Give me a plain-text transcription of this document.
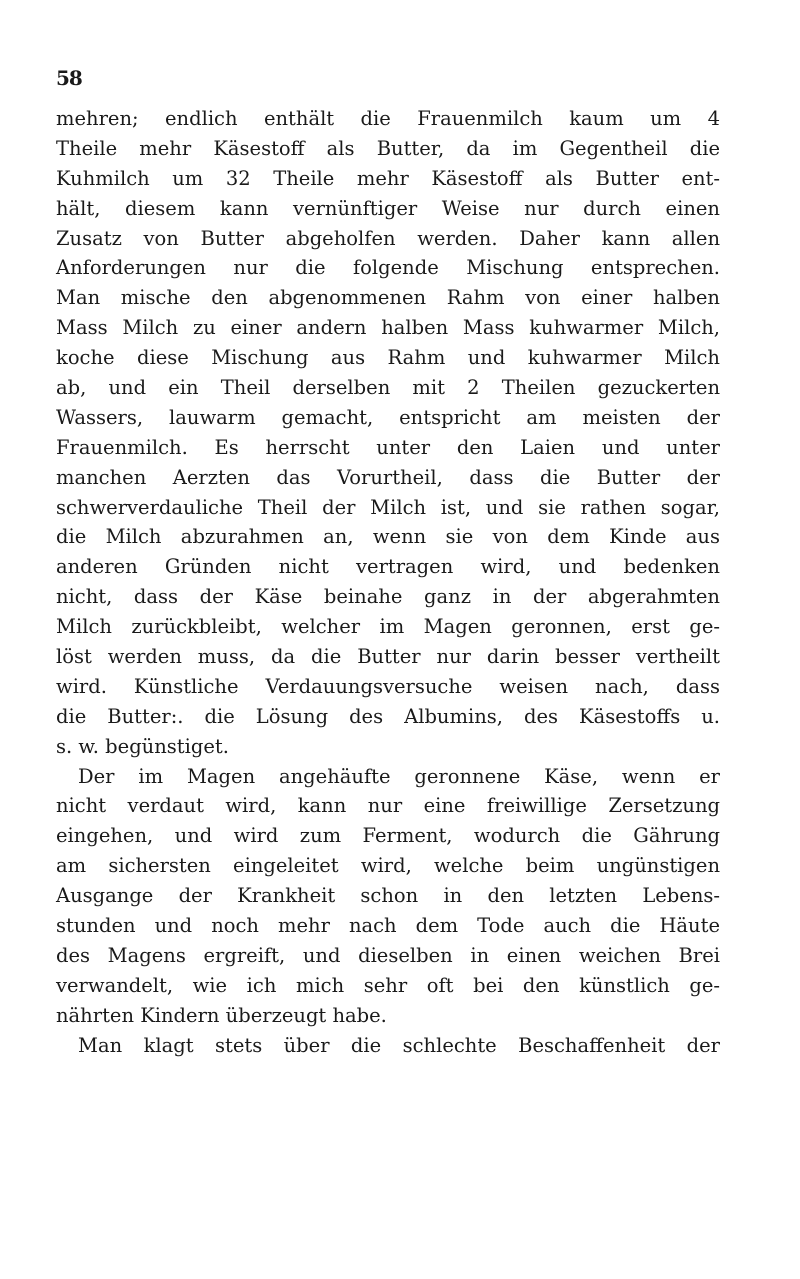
58
mehren; endlich enthält die Frauenmilch kaum um 4
Theile mehr Käsestoff als Butter, da im Gegentheil die
Kuhmilch um 32 Theile mehr Käsestoff als Butter ent-
hält, diesem kann vernünftiger Weise nur durch einen
Zusatz von Butter abgeholfen werden. Daher kann allen
Anforderungen nur die folgende Mischung entsprechen.
Man mische den abgenommenen Rahm von einer halben
Mass Milch zu einer andern halben Mass kuhwarmer Milch,
koche diese Mischung aus Rahm und kuhwarmer Milch
ab, und ein Theil derselben mit 2 Theilen gezuckerten
Wassers, lauwarm gemacht, entspricht am meisten der
Frauenmilch. Es herrscht unter den Laien und unter
manchen Aerzten das Vorurtheil, dass die Butter der
schwerverdauliche Theil der Milch ist, und sie rathen sogar,
die Milch abzurahmen an, wenn sie von dem Kinde aus
anderen Gründen nicht vertragen wird, und bedenken
nicht, dass der Käse beinahe ganz in der abgerahmten
Milch zurückbleibt, welcher im Magen geronnen, erst ge-
löst werden muss, da die Butter nur darin besser vertheilt
wird. Künstliche Verdauungsversuche weisen nach, dass
die Butter:. die Lösung des Albumins, des Käsestoffs u.
s. w. begünstiget.
Der im Magen angehäufte geronnene Käse, wenn er
nicht verdaut wird, kann nur eine freiwillige Zersetzung
eingehen, und wird zum Ferment, wodurch die Gährung
am sichersten eingeleitet wird, welche beim ungünstigen
Ausgange der Krankheit schon in den letzten Lebens-
stunden und noch mehr nach dem Tode auch die Häute
des Magens ergreift, und dieselben in einen weichen Brei
verwandelt, wie ich mich sehr oft bei den künstlich ge-
nährten Kindern überzeugt habe.
Man klagt stets über die schlechte Beschaffenheit der
